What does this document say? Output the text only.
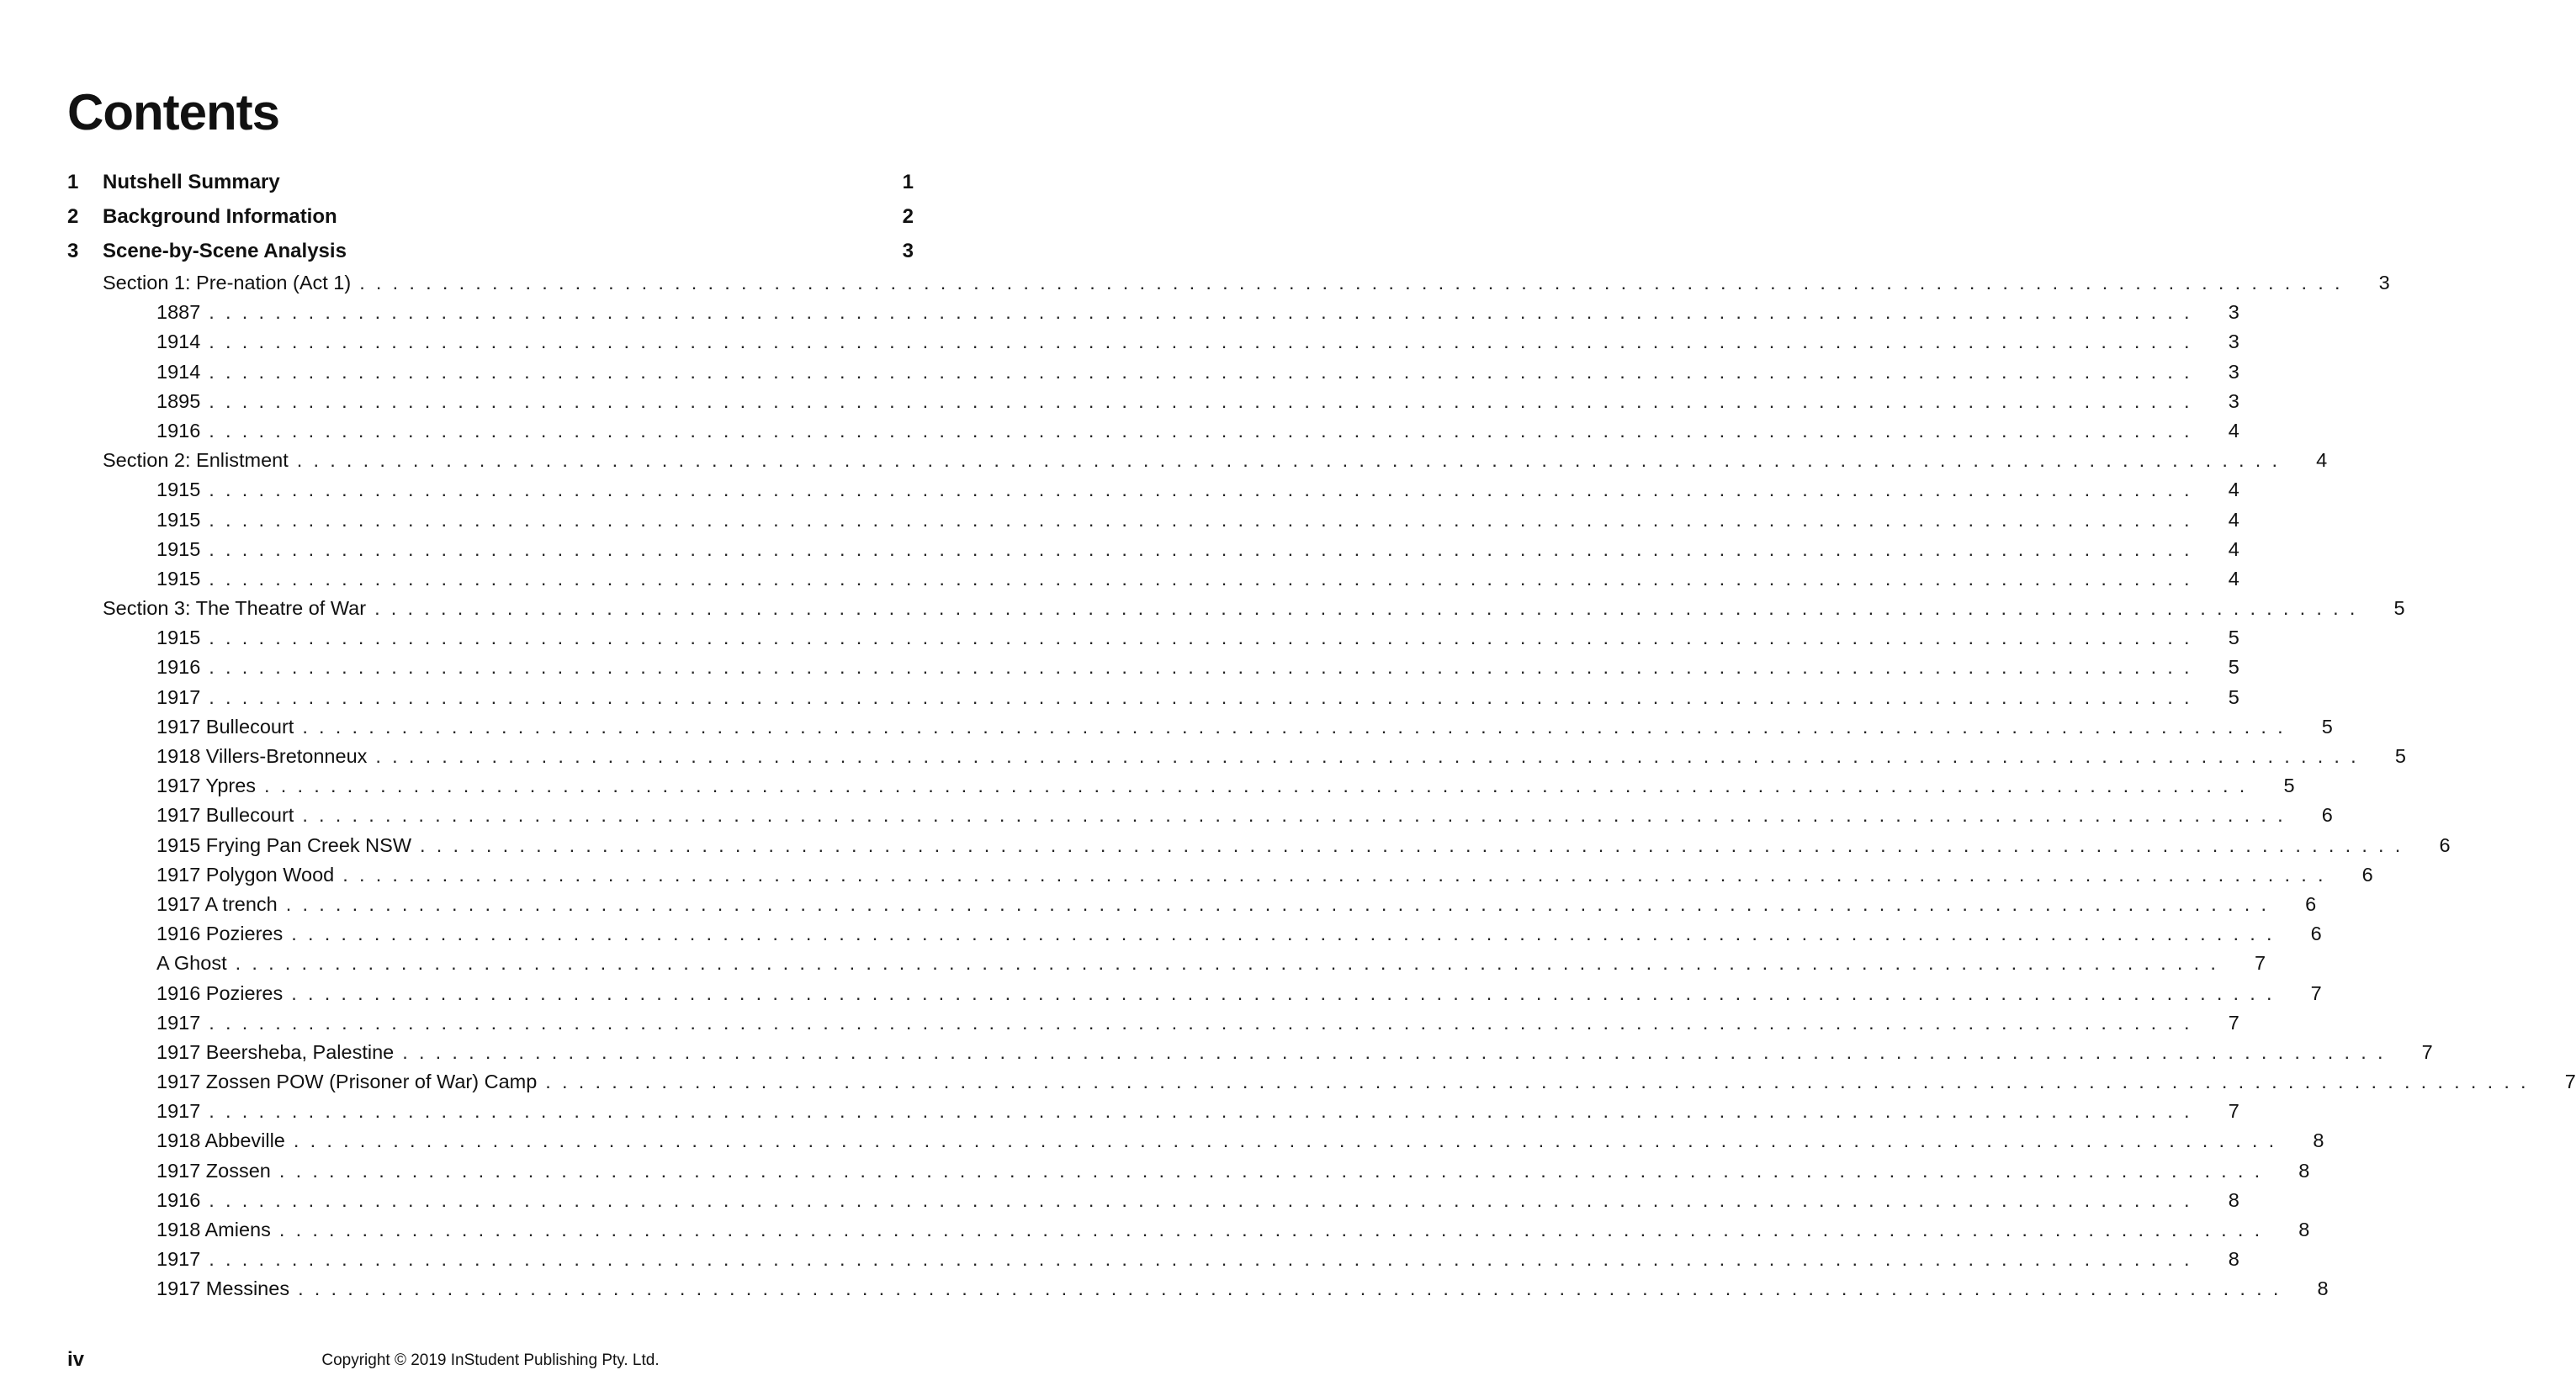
Contents
1 Nutshell Summary	1
2 Background Information	2
3 Scene-by-Scene Analysis	3
Section 1: Pre-nation (Act 1) ........................................................................................................................ 3
1887 ........................................................................................................................ 3
1914 ........................................................................................................................ 3
1914 ........................................................................................................................ 3
1895 ........................................................................................................................ 3
1916 ........................................................................................................................ 4
Section 2: Enlistment ........................................................................................................................ 4
1915 ........................................................................................................................ 4
1915 ........................................................................................................................ 4
1915 ........................................................................................................................ 4
1915 ........................................................................................................................ 4
Section 3: The Theatre of War ........................................................................................................................ 5
1915 ........................................................................................................................ 5
1916 ........................................................................................................................ 5
1917 ........................................................................................................................ 5
1917 Bullecourt ........................................................................................................................ 5
1918 Villers-Bretonneux ........................................................................................................................ 5
1917 Ypres ........................................................................................................................ 5
1917 Bullecourt ........................................................................................................................ 6
1915 Frying Pan Creek NSW ........................................................................................................................ 6
1917 Polygon Wood ........................................................................................................................ 6
1917 A trench ........................................................................................................................ 6
1916 Pozieres ........................................................................................................................ 6
A Ghost ........................................................................................................................ 7
1916 Pozieres ........................................................................................................................ 7
1917 ........................................................................................................................ 7
1917 Beersheba, Palestine ........................................................................................................................ 7
1917 Zossen POW (Prisoner of War) Camp ........................................................................................................................ 7
1917 ........................................................................................................................ 7
1918 Abbeville ........................................................................................................................ 8
1917 Zossen ........................................................................................................................ 8
1916 ........................................................................................................................ 8
1918 Amiens ........................................................................................................................ 8
1917 ........................................................................................................................ 8
1917 Messines ........................................................................................................................ 8
iv	Copyright © 2019 InStudent Publishing Pty. Ltd.
